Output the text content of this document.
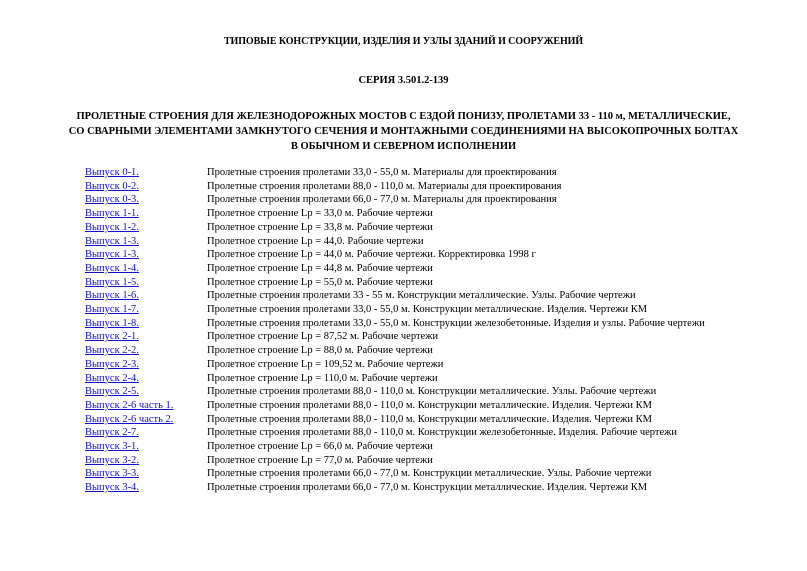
ТИПОВЫЕ КОНСТРУКЦИИ, ИЗДЕЛИЯ И УЗЛЫ ЗДАНИЙ И СООРУЖЕНИЙ
СЕРИЯ 3.501.2-139
ПРОЛЕТНЫЕ СТРОЕНИЯ ДЛЯ ЖЕЛЕЗНОДОРОЖНЫХ МОСТОВ С ЕЗДОЙ ПОНИЗУ, ПРОЛЕТАМИ 33 - 110 м, МЕТАЛЛИЧЕСКИЕ,
СО СВАРНЫМИ ЭЛЕМЕНТАМИ ЗАМКНУТОГО СЕЧЕНИЯ И МОНТАЖНЫМИ СОЕДИНЕНИЯМИ НА ВЫСОКОПРОЧНЫХ БОЛТАХ
В ОБЫЧНОМ И СЕВЕРНОМ ИСПОЛНЕНИИ
Выпуск 0-1.	Пролетные строения пролетами 33,0 - 55,0 м. Материалы для проектирования
Выпуск 0-2.	Пролетные строения пролетами 88,0 - 110,0 м. Материалы для проектирования
Выпуск 0-3.	Пролетные строения пролетами 66,0 - 77,0 м. Материалы для проектирования
Выпуск 1-1.	Пролетное строение Lp = 33,0 м. Рабочие чертежи
Выпуск 1-2.	Пролетное строение Lp = 33,8 м. Рабочие чертежи
Выпуск 1-3.	Пролетное строение Lp = 44,0. Рабочие чертежи
Выпуск 1-3.	Пролетное строение Lp = 44,0 м. Рабочие чертежи. Корректировка 1998 г
Выпуск 1-4.	Пролетное строение Lp = 44,8 м. Рабочие чертежи
Выпуск 1-5.	Пролетное строение Lp = 55,0 м. Рабочие чертежи
Выпуск 1-6.	Пролетные строения пролетами 33 - 55 м. Конструкции металлические. Узлы. Рабочие чертежи
Выпуск 1-7.	Пролетные строения пролетами 33,0 - 55,0 м. Конструкции металлические. Изделия. Чертежи КМ
Выпуск 1-8.	Пролетные строения пролетами 33,0 - 55,0 м. Конструкции железобетонные. Изделия и узлы. Рабочие чертежи
Выпуск 2-1.	Пролетное строение Lp = 87,52 м. Рабочие чертежи
Выпуск 2-2.	Пролетное строение Lp = 88,0 м. Рабочие чертежи
Выпуск 2-3.	Пролетное строение Lp = 109,52 м. Рабочие чертежи
Выпуск 2-4.	Пролетное строение Lp = 110,0 м. Рабочие чертежи
Выпуск 2-5.	Пролетные строения пролетами 88,0 - 110,0 м. Конструкции металлические. Узлы. Рабочие чертежи
Выпуск 2-6 часть 1.	Пролетные строения пролетами 88,0 - 110,0 м. Конструкции металлические. Изделия. Чертежи КМ
Выпуск 2-6 часть 2.	Пролетные строения пролетами 88,0 - 110,0 м. Конструкции металлические. Изделия. Чертежи КМ
Выпуск 2-7.	Пролетные строения пролетами 88,0 - 110,0 м. Конструкции железобетонные. Изделия. Рабочие чертежи
Выпуск 3-1.	Пролетное строение Lp = 66,0 м. Рабочие чертежи
Выпуск 3-2.	Пролетное строение Lp = 77,0 м. Рабочие чертежи
Выпуск 3-3.	Пролетные строения пролетами 66,0 - 77,0 м. Конструкции металлические. Узлы. Рабочие чертежи
Выпуск 3-4.	Пролетные строения пролетами 66,0 - 77,0 м. Конструкции металлические. Изделия. Чертежи КМ
